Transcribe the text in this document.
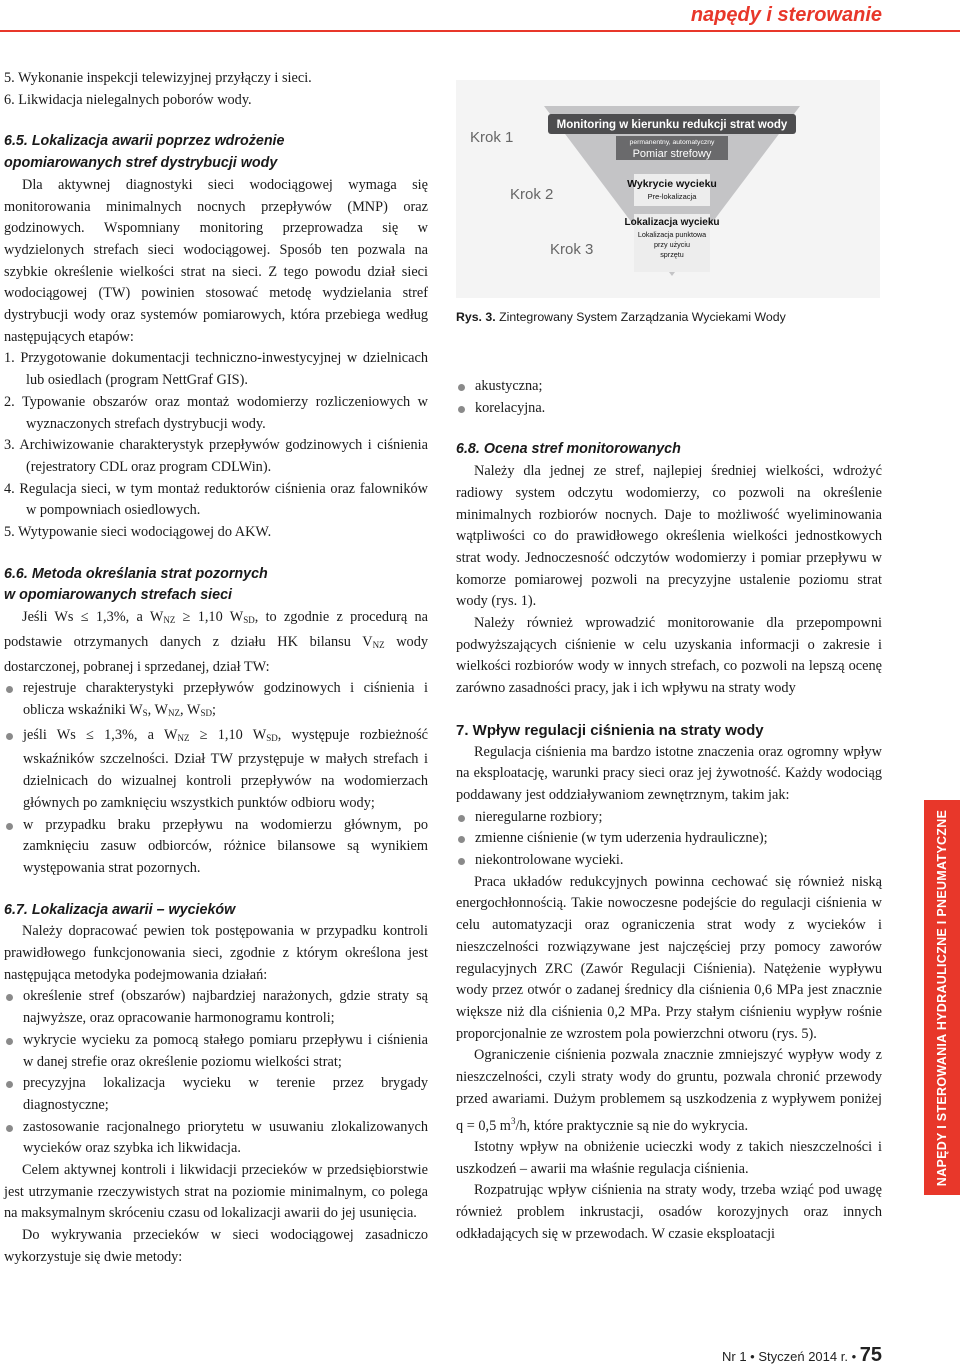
napędy i sterowanie

5. Wykonanie inspekcji telewizyjnej przyłączy i sieci.

6. Likwidacja nielegalnych poborów wody.

6.5. Lokalizacja awarii poprzez wdrożenie

opomiarowanych stref dystrybucji wody

Dla aktywnej diagnostyki sieci wodociągowej wymaga się monitorowania minimalnych nocnych przepływów (MNP) oraz godzinowych. Wspomniany monitoring przeprowadza się w wydzielonych strefach sieci wodociągowej. Sposób ten pozwala na szybkie określenie wielkości strat na sieci. Z tego powodu dział sieci wodociągowej (TW) powinien stosować metodę wydzielania stref dystrybucji wody oraz systemów pomiarowych, która przebiega według następujących etapów:

1. Przygotowanie dokumentacji techniczno-inwestycyjnej w dzielnicach lub osiedlach (program NettGraf GIS).

2. Typowanie obszarów oraz montaż wodomierzy rozliczeniowych w wyznaczonych strefach dystrybucji wody.

3. Archiwizowanie charakterystyk przepływów godzinowych i ciśnienia (rejestratory CDL oraz program CDLWin).

4. Regulacja sieci, w tym montaż reduktorów ciśnienia oraz falowników w pompowniach osiedlowych.

5. Wytypowanie sieci wodociągowej do AKW.

6.6. Metoda określania strat pozornych

w opomiarowanych strefach sieci

Jeśli Ws ≤ 1,3%, a $W_{NZ} \ge 1,10$ $W_{SD}$, to zgodnie z procedurą na podstawie otrzymanych danych z działu HK bilansu $V_{NZ}$ wody dostarczonej, pobranej i sprzedanej, dział TW:

rejestruje charakterystyki przepływów godzinowych i ciśnienia i oblicza wskaźniki $W_S$, $W_{NZ}$, $W_{SD}$;

jeśli Ws ≤ 1,3%, a $W_{NZ} \ge 1,10$ $W_{SD}$, występuje rozbieżność wskaźników szczelności. Dział TW przystępuje w małych strefach i dzielnicach do wizualnej kontroli przepływów na wodomierzach głównych po zamknięciu wszystkich punktów odbioru wody;

w przypadku braku przepływu na wodomierzu głównym, po zamknięciu zasuw odbiorców, różnice bilansowe są wynikiem występowania strat pozornych.

6.7. Lokalizacja awarii – wycieków

Należy dopracować pewien tok postępowania w przypadku kontroli prawidłowego funkcjonowania sieci, zgodnie z którym określona jest następująca metodyka podejmowania działań:

określenie stref (obszarów) najbardziej narażonych, gdzie straty są najwyższe, oraz opracowanie harmonogramu kontroli;

wykrycie wycieku za pomocą stałego pomiaru przepływu i ciśnienia w danej strefie oraz określenie poziomu wielkości strat;

precyzyjna lokalizacja wycieku w terenie przez brygady diagnostyczne;

zastosowanie racjonalnego priorytetu w usuwaniu zlokalizowanych wycieków oraz szybka ich likwidacja.

Celem aktywnej kontroli i likwidacji przecieków w przedsiębiorstwie jest utrzymanie rzeczywistych strat na poziomie minimalnym, co polega na maksymalnym skróceniu czasu od lokalizacji awarii do jej usunięcia.

Do wykrywania przecieków w sieci wodociągowej zasadniczo wykorzystuje się dwie metody:

Monitoring w kierunku redukcji strat wody
permanentny, automatyczny
Pomiar strefowy
Wykrycie wycieku
Pre-lokalizacja
Lokalizacja wycieku
Lokalizacja punktowa
przy użyciu
sprzętu
Krok 1
Krok 2
Krok 3
Rys. 3. Zintegrowany System Zarządzania Wyciekami Wody

akustyczna;

korelacyjna.

6.8. Ocena stref monitorowanych

Należy dla jednej ze stref, najlepiej średniej wielkości, wdrożyć radiowy system odczytu wodomierzy, co pozwoli na określenie minimalnych rozbiorów nocnych. Daje to możliwość wyeliminowania wątpliwości co do prawidłowego określenia wielkości jednostkowych strat wody. Jednoczesność odczytów wodomierzy i pomiar przepływu w komorze pomiarowej pozwoli na precyzyjne ustalenie poziomu strat wody (rys. 1).

Należy również wprowadzić monitorowanie dla przepompowni podwyższających ciśnienie w celu uzyskania informacji o zakresie i wielkości rozbiorów wody w innych strefach, co pozwoli na lepszą ocenę zarówno zasadności pracy, jak i ich wpływu na straty wody

7. Wpływ regulacji ciśnienia na straty wody

Regulacja ciśnienia ma bardzo istotne znaczenia oraz ogromny wpływ na eksploatację, warunki pracy sieci oraz jej żywotność. Każdy wodociąg poddawany jest oddziaływaniom zewnętrznym, takim jak:

nieregularne rozbiory;

zmienne ciśnienie (w tym uderzenia hydrauliczne);

niekontrolowane wycieki.

Praca układów redukcyjnych powinna cechować się również niską energochłonnością. Takie nowoczesne podejście do regulacji ciśnienia w celu automatyzacji oraz ograniczenia strat wody z wycieków i nieszczelności rozwiązywane jest najczęściej przy pomocy zaworów regulacyjnych ZRC (Zawór Regulacji Ciśnienia). Natężenie wypływu wody przez otwór o zadanej średnicy dla ciśnienia 0,6 MPa jest znacznie większe niż dla ciśnienia 0,2 MPa. Przy stałym ciśnieniu wypływ rośnie proporcjonalnie ze wzrostem pola powierzchni otworu (rys. 5).

Ograniczenie ciśnienia pozwala znacznie zmniejszyć wypływ wody z nieszczelności, czyli straty wody do gruntu, pozwala chronić przewody przed awariami. Dużym problemem są uszkodzenia z wypływem poniżej q = 0,5 $m^3/h$, które praktycznie są nie do wykrycia.

Istotny wpływ na obniżenie ucieczki wody z takich nieszczelności i uszkodzeń – awarii ma właśnie regulacja ciśnienia.

Rozpatrując wpływ ciśnienia na straty wody, trzeba wziąć pod uwagę również problem inkrustacji, osadów korozyjnych oraz innych odkładających się w przewodach. W czasie eksploatacji

NAPĘDY I STEROWANIA HYDRAULICZNE I PNEUMATYCZNE
Nr 1 • Styczeń 2014 r. • 75
